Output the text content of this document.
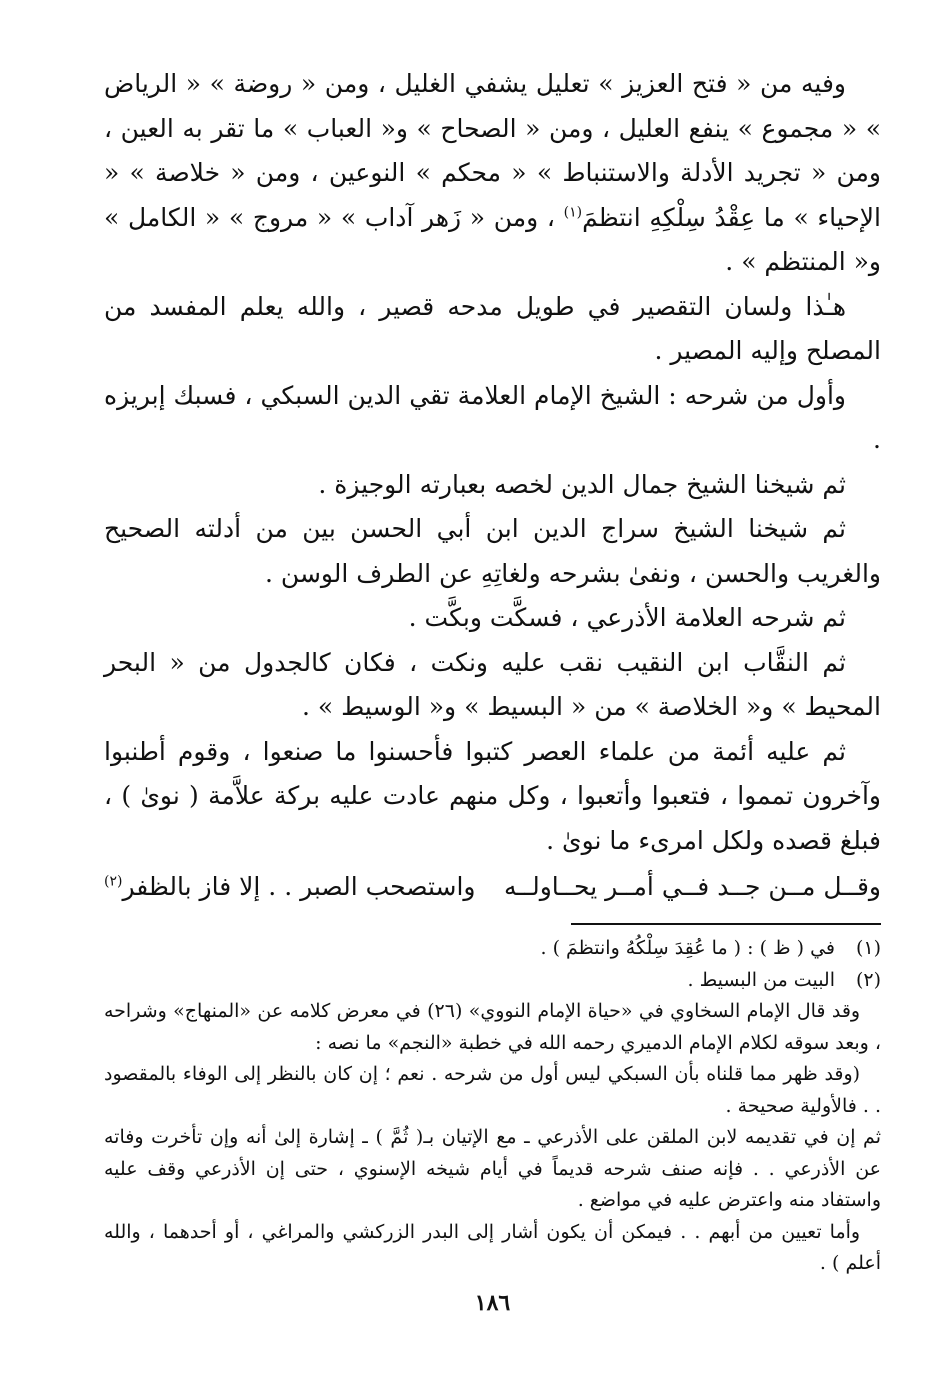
وفيه من « فتح العزيز » تعليل يشفي الغليل ، ومن « روضة » « الرياض » « مجموع » ينفع العليل ، ومن « الصحاح » و« العباب » ما تقر به العين ، ومن « تجريد الأدلة والاستنباط » « محكم » النوعين ، ومن « خلاصة » « الإحياء » ما عِقْدُ سِلْكِهِ انتظمَ$^{(١)}$ ، ومن « زَهر آداب » « مروج » « الكامل » و« المنتظم » .

هـٰذا ولسان التقصير في طويل مدحه قصير ، والله يعلم المفسد من المصلح وإليه المصير .

وأول من شرحه : الشيخ الإمام العلامة تقي الدين السبكي ، فسبك إبريزه .

ثم شيخنا الشيخ جمال الدين لخصه بعبارته الوجيزة .

ثم شيخنا الشيخ سراج الدين ابن أبي الحسن بين من أدلته الصحيح والغريب والحسن ، ونفىٰ بشرحه ولغاتِهِ عن الطرف الوسن .

ثم شرحه العلامة الأذرعي ، فسكَّت وبكَّت .

ثم النقَّاب ابن النقيب نقب عليه ونكت ، فكان كالجدول من « البحر المحيط » و« الخلاصة » من « البسيط » و« الوسيط » .

ثم عليه أئمة من علماء العصر كتبوا فأحسنوا ما صنعوا ، وقوم أطنبوا وآخرون تمموا ، فتعبوا وأتعبوا ، وكل منهم عادت عليه بركة علاَّمة ( نوىٰ ) ، فبلغ قصده ولكل امرىء ما نوىٰ .

وقــل مــن جــد فــي أمــر يحــاولــه
واستصحب الصبر . . إلا فاز بالظفر$^{(٢)}$
(١)
في ( ظ ) : ( ما عُقِدَ سِلْكُهُ وانتظمَ ) .
(٢)
البيت من البسيط .

وقد قال الإمام السخاوي في «حياة الإمام النووي» (٢٦) في معرض كلامه عن «المنهاج» وشراحه ، وبعد سوقه لكلام الإمام الدميري رحمه الله في خطبة «النجم» ما نصه :

(وقد ظهر مما قلناه بأن السبكي ليس أول من شرحه . نعم ؛ إن كان بالنظر إلى الوفاء بالمقصود . . فالأولية صحيحة .

ثم إن في تقديمه لابن الملقن على الأذرعي ـ مع الإتيان بـ( ثُمَّ ) ـ إشارة إلىٰ أنه وإن تأخرت وفاته عن الأذرعي . . فإنه صنف شرحه قديماً في أيام شيخه الإسنوي ، حتى إن الأذرعي وقف عليه واستفاد منه واعترض عليه في مواضع .

وأما تعيين من أبهم . . فيمكن أن يكون أشار إلى البدر الزركشي والمراغي ، أو أحدهما ، والله أعلم ) .

١٨٦
